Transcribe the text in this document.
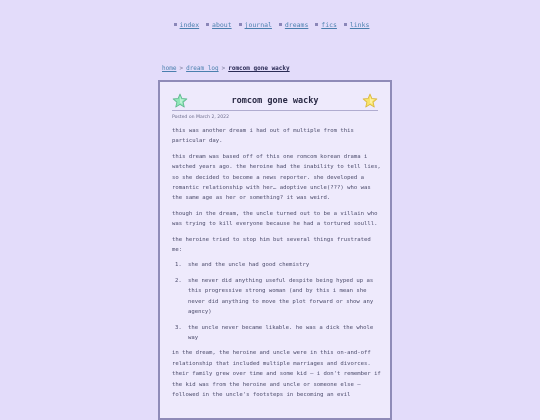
index about journal dreams fics links
home > dream log > romcom gone wacky
romcom gone wacky
Posted on March 2, 2022

this was another dream i had out of multiple from this particular day.

this dream was based off of this one romcom korean drama i watched years ago. the heroine had the inability to tell lies, so she decided to become a news reporter. she developed a romantic relationship with her… adoptive uncle(???) who was the same age as her or something? it was weird.

though in the dream, the uncle turned out to be a villain who was trying to kill everyone because he had a tortured soulll.

the heroine tried to stop him but several things frustrated me:

1. she and the uncle had good chemistry
2. she never did anything useful despite being hyped up as this progressive strong woman (and by this i mean she never did anything to move the plot forward or show any agency)
3. the uncle never became likable. he was a dick the whole way

in the dream, the heroine and uncle were in this on-and-off relationship that included multiple marriages and divorces. their family grew over time and some kid — i don't remember if the kid was from the heroine and uncle or someone else — followed in the uncle's footsteps in becoming an evil
